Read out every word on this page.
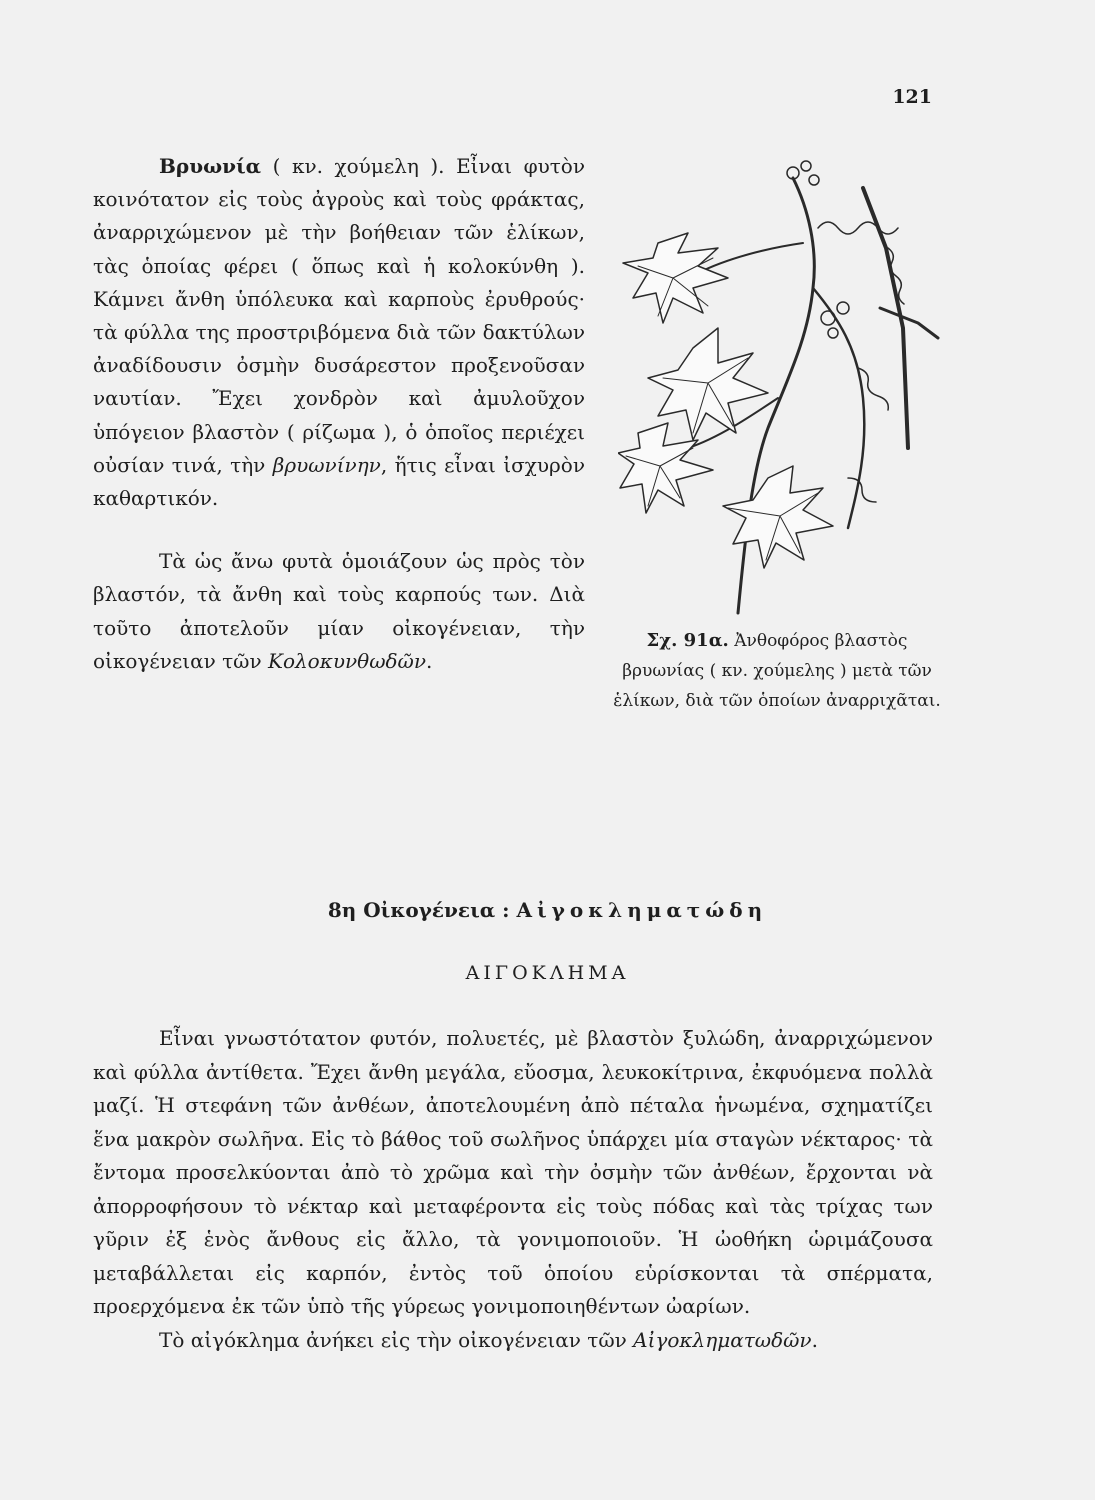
121

Βρυωνία ( κν. χούμελη ). Εἶναι φυτὸν κοινότατον εἰς τοὺς ἀγροὺς καὶ τοὺς φράκτας, ἀναρριχώμενον μὲ τὴν βοήθειαν τῶν ἑλίκων, τὰς ὁποίας φέρει ( ὅπως καὶ ἡ κολοκύνθη ). Κάμνει ἄνθη ὑπόλευκα καὶ καρποὺς ἐρυθρούς· τὰ φύλλα της προστριβόμενα διὰ τῶν δακτύλων ἀναδίδουσιν ὀσμὴν δυσάρεστον προξενοῦσαν ναυτίαν. Ἔχει χονδρὸν καὶ ἀμυλοῦχον ὑπόγειον βλαστὸν ( ρίζωμα ), ὁ ὁποῖος περιέχει οὐσίαν τινά, τὴν βρυωνίνην, ἥτις εἶναι ἰσχυρὸν καθαρτικόν.

Τὰ ὡς ἄνω φυτὰ ὁμοιάζουν ὡς πρὸς τὸν βλαστόν, τὰ ἄνθη καὶ τοὺς καρπούς των. Διὰ τοῦτο ἀποτελοῦν μίαν οἰκογένειαν, τὴν οἰκογένειαν τῶν Κολοκυνθωδῶν.

Σχ. 91α. Ἀνθοφόρος βλαστὸς βρυωνίας ( κν. χούμελης ) μετὰ τῶν ἑλίκων, διὰ τῶν ὁποίων ἀναρριχᾶται.
8η Οἰκογένεια : Αἰγοκληματώδη
ΑΙΓΟΚΛΗΜΑ

Εἶναι γνωστότατον φυτόν, πολυετές, μὲ βλαστὸν ξυλώδη, ἀναρριχώμενον καὶ φύλλα ἀντίθετα. Ἔχει ἄνθη μεγάλα, εὔοσμα, λευκοκίτρινα, ἐκφυόμενα πολλὰ μαζί. Ἡ στεφάνη τῶν ἀνθέων, ἀποτελουμένη ἀπὸ πέταλα ἡνωμένα, σχηματίζει ἕνα μακρὸν σωλῆνα. Εἰς τὸ βάθος τοῦ σωλῆνος ὑπάρχει μία σταγὼν νέκταρος· τὰ ἔντομα προσελκύονται ἀπὸ τὸ χρῶμα καὶ τὴν ὀσμὴν τῶν ἀνθέων, ἔρχονται νὰ ἀπορροφήσουν τὸ νέκταρ καὶ μεταφέροντα εἰς τοὺς πόδας καὶ τὰς τρίχας των γῦριν ἐξ ἑνὸς ἄνθους εἰς ἄλλο, τὰ γονιμοποιοῦν. Ἡ ὠοθήκη ὡριμάζουσα μεταβάλλεται εἰς καρπόν, ἐντὸς τοῦ ὁποίου εὑρίσκονται τὰ σπέρματα, προερχόμενα ἐκ τῶν ὑπὸ τῆς γύρεως γονιμοποιηθέντων ὠαρίων.

Τὸ αἰγόκλημα ἀνήκει εἰς τὴν οἰκογένειαν τῶν Αἰγοκληματωδῶν.
